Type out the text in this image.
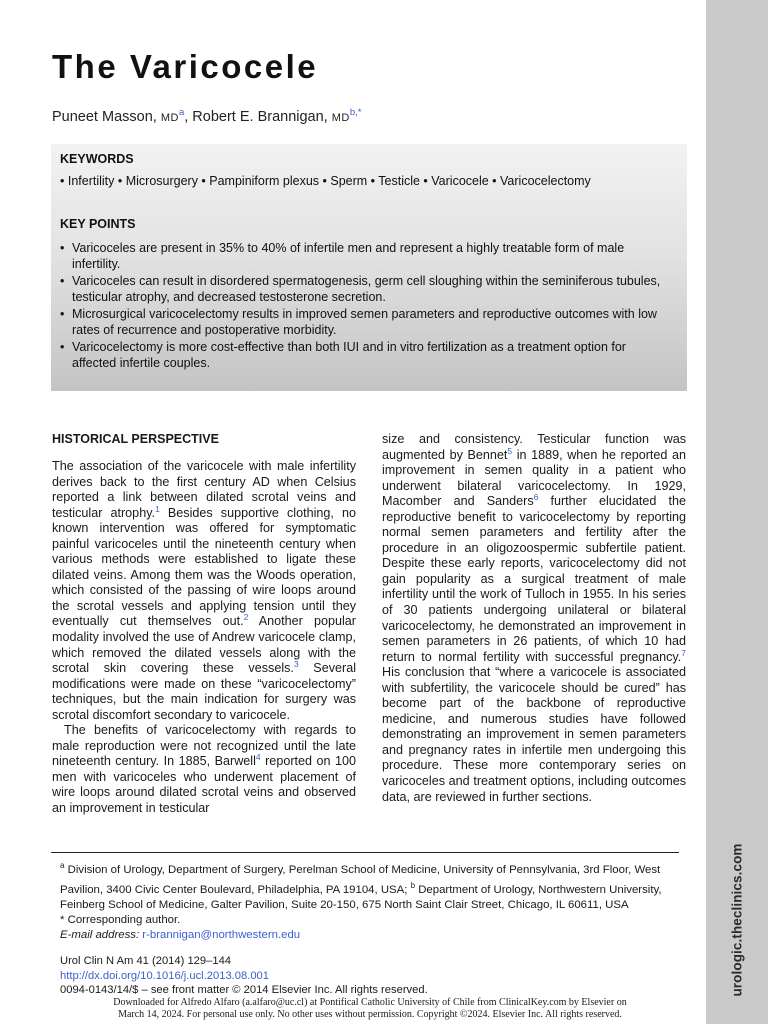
urologic.theclinics.com
The Varicocele
Puneet Masson, $MD^a$, Robert E. Brannigan, $MD^{b,*}$
KEYWORDS
• Infertility • Microsurgery • Pampiniform plexus • Sperm • Testicle • Varicocele • Varicocelectomy
KEY POINTS
• Varicoceles are present in 35% to 40% of infertile men and represent a highly treatable form of male infertility.
• Varicoceles can result in disordered spermatogenesis, germ cell sloughing within the seminiferous tubules, testicular atrophy, and decreased testosterone secretion.
• Microsurgical varicocelectomy results in improved semen parameters and reproductive outcomes with low rates of recurrence and postoperative morbidity.
• Varicocelectomy is more cost-effective than both IUI and in vitro fertilization as a treatment option for affected infertile couples.
HISTORICAL PERSPECTIVE

The association of the varicocele with male infertility derives back to the first century AD when Celsius reported a link between dilated scrotal veins and testicular atrophy.$^1$ Besides supportive clothing, no known intervention was offered for symptomatic painful varicoceles until the nineteenth century when various methods were established to ligate these dilated veins. Among them was the Woods operation, which consisted of the passing of wire loops around the scrotal vessels and applying tension until they eventually cut themselves out.$^2$ Another popular modality involved the use of Andrew varicocele clamp, which removed the dilated vessels along with the scrotal skin covering these vessels.$^3$ Several modifications were made on these “varicocelectomy” techniques, but the main indication for surgery was scrotal discomfort secondary to varicocele.

The benefits of varicocelectomy with regards to male reproduction were not recognized until the late nineteenth century. In 1885, Barwell$^4$ reported on 100 men with varicoceles who underwent placement of wire loops around dilated scrotal veins and observed an improvement in testicular

size and consistency. Testicular function was augmented by Bennet$^5$ in 1889, when he reported an improvement in semen quality in a patient who underwent bilateral varicocelectomy. In 1929, Macomber and Sanders$^6$ further elucidated the reproductive benefit to varicocelectomy by reporting normal semen parameters and fertility after the procedure in an oligozoospermic subfertile patient. Despite these early reports, varicocelectomy did not gain popularity as a surgical treatment of male infertility until the work of Tulloch in 1955. In his series of 30 patients undergoing unilateral or bilateral varicocelectomy, he demonstrated an improvement in semen parameters in 26 patients, of which 10 had return to normal fertility with successful pregnancy.$^7$ His conclusion that “where a varicocele is associated with subfertility, the varicocele should be cured” has become part of the backbone of reproductive medicine, and numerous studies have followed demonstrating an improvement in semen parameters and pregnancy rates in infertile men undergoing this procedure. These more contemporary series on varicoceles and treatment options, including outcomes data, are reviewed in further sections.

$^a$ Division of Urology, Department of Surgery, Perelman School of Medicine, University of Pennsylvania, 3rd Floor, West Pavilion, 3400 Civic Center Boulevard, Philadelphia, PA 19104, USA; $^b$ Department of Urology, Northwestern University, Feinberg School of Medicine, Galter Pavilion, Suite 20-150, 675 North Saint Clair Street, Chicago, IL 60611, USA
* Corresponding author.
E-mail address: r-brannigan@northwestern.edu
Urol Clin N Am 41 (2014) 129–144
http://dx.doi.org/10.1016/j.ucl.2013.08.001
0094-0143/14/$ – see front matter © 2014 Elsevier Inc. All rights reserved.
Downloaded for Alfredo Alfaro (a.alfaro@uc.cl) at Pontifical Catholic University of Chile from ClinicalKey.com by Elsevier on
March 14, 2024. For personal use only. No other uses without permission. Copyright ©2024. Elsevier Inc. All rights reserved.
